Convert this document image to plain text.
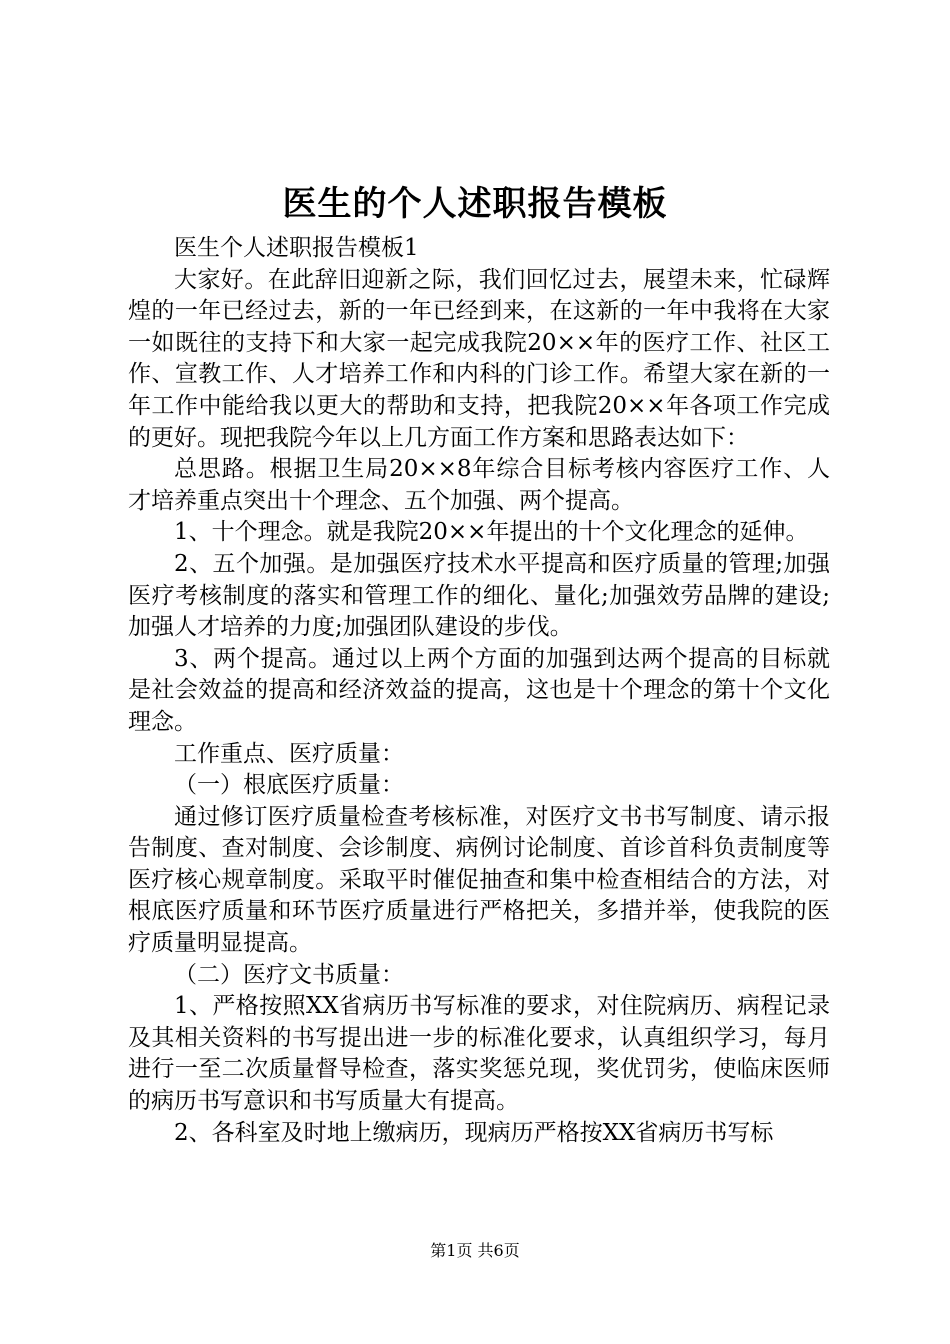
医生的个人述职报告模板

医生个人述职报告模板1

大家好。在此辞旧迎新之际，我们回忆过去，展望未来，忙碌辉煌的一年已经过去，新的一年已经到来，在这新的一年中我将在大家一如既往的支持下和大家一起完成我院20××年的医疗工作、社区工作、宣教工作、人才培养工作和内科的门诊工作。希望大家在新的一年工作中能给我以更大的帮助和支持，把我院20××年各项工作完成的更好。现把我院今年以上几方面工作方案和思路表达如下：

总思路。根据卫生局20××8年综合目标考核内容医疗工作、人才培养重点突出十个理念、五个加强、两个提高。

1、十个理念。就是我院20××年提出的十个文化理念的延伸。

2、五个加强。是加强医疗技术水平提高和医疗质量的管理;加强医疗考核制度的落实和管理工作的细化、量化;加强效劳品牌的建设;加强人才培养的力度;加强团队建设的步伐。

3、两个提高。通过以上两个方面的加强到达两个提高的目标就是社会效益的提高和经济效益的提高，这也是十个理念的第十个文化理念。

工作重点、医疗质量：

（一）根底医疗质量：

通过修订医疗质量检查考核标准，对医疗文书书写制度、请示报告制度、查对制度、会诊制度、病例讨论制度、首诊首科负责制度等医疗核心规章制度。采取平时催促抽查和集中检查相结合的方法，对根底医疗质量和环节医疗质量进行严格把关，多措并举，使我院的医疗质量明显提高。

（二）医疗文书质量：

1、严格按照XX省病历书写标准的要求，对住院病历、病程记录及其相关资料的书写提出进一步的标准化要求，认真组织学习，每月进行一至二次质量督导检查，落实奖惩兑现，奖优罚劣，使临床医师的病历书写意识和书写质量大有提高。

2、各科室及时地上缴病历，现病历严格按XX省病历书写标

第1页 共6页
